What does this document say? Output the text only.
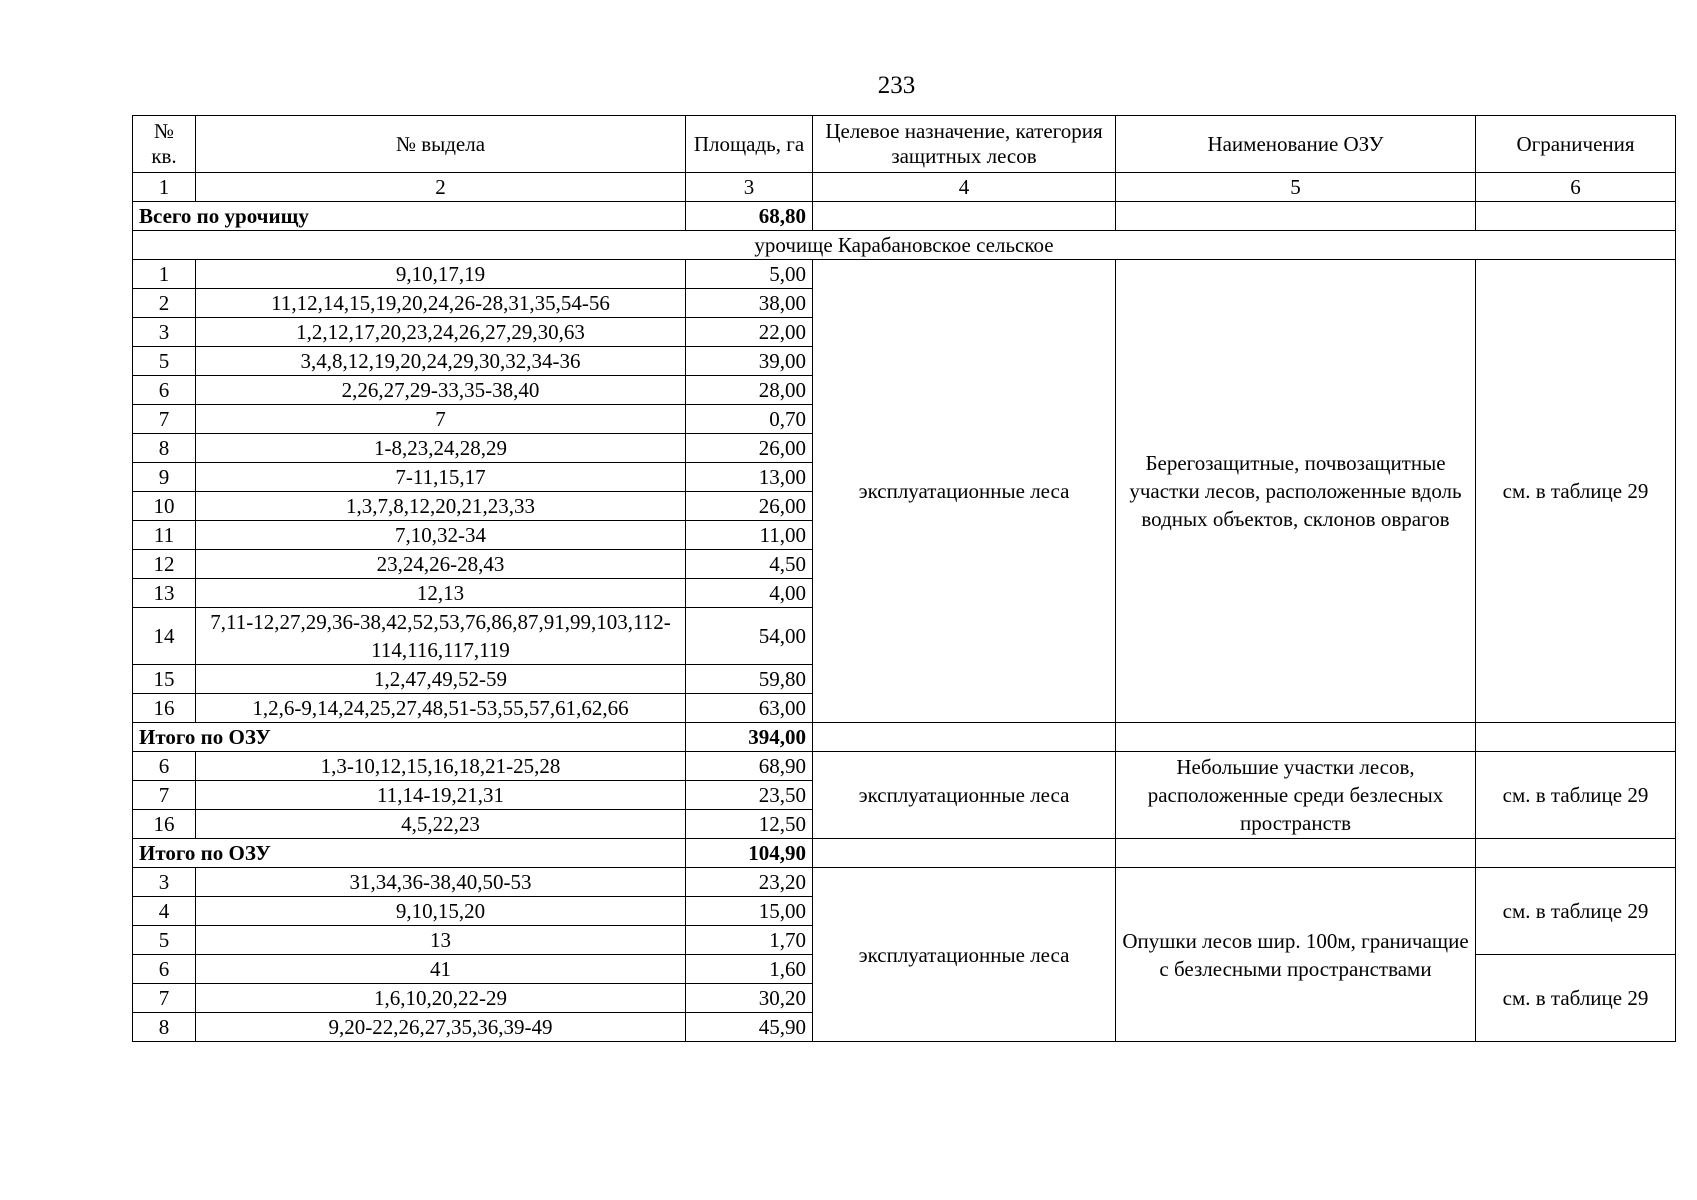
233
№ кв.	№ выдела	Площадь, га	Целевое назначение, категория защитных лесов	Наименование ОЗУ	Ограничения
1	2	3	4	5	6
Всего по урочищу		68,80			
урочище Карабановское сельское					
1	9,10,17,19	5,00	эксплуатационные леса	Берегозащитные, почвозащитные участки лесов, расположенные вдоль водных объектов, склонов оврагов	см. в таблице 29
2	11,12,14,15,19,20,24,26-28,31,35,54-56	38,00			
3	1,2,12,17,20,23,24,26,27,29,30,63	22,00			
5	3,4,8,12,19,20,24,29,30,32,34-36	39,00			
6	2,26,27,29-33,35-38,40	28,00			
7	7	0,70			
8	1-8,23,24,28,29	26,00			
9	7-11,15,17	13,00			
10	1,3,7,8,12,20,21,23,33	26,00			
11	7,10,32-34	11,00			
12	23,24,26-28,43	4,50			
13	12,13	4,00			
14	7,11-12,27,29,36-38,42,52,53,76,86,87,91,99,103,112-114,116,117,119	54,00			
15	1,2,47,49,52-59	59,80			
16	1,2,6-9,14,24,25,27,48,51-53,55,57,61,62,66	63,00			
Итого по ОЗУ		394,00			
6	1,3-10,12,15,16,18,21-25,28	68,90	эксплуатационные леса	Небольшие участки лесов, расположенные среди безлесных пространств	см. в таблице 29
7	11,14-19,21,31	23,50			
16	4,5,22,23	12,50			
Итого по ОЗУ		104,90			
3	31,34,36-38,40,50-53	23,20	эксплуатационные леса	Опушки лесов шир. 100м, граничащие с безлесными пространствами	см. в таблице 29
4	9,10,15,20	15,00			
5	13	1,70			
6	41	1,60			см. в таблице 29
7	1,6,10,20,22-29	30,20			
8	9,20-22,26,27,35,36,39-49	45,90			
